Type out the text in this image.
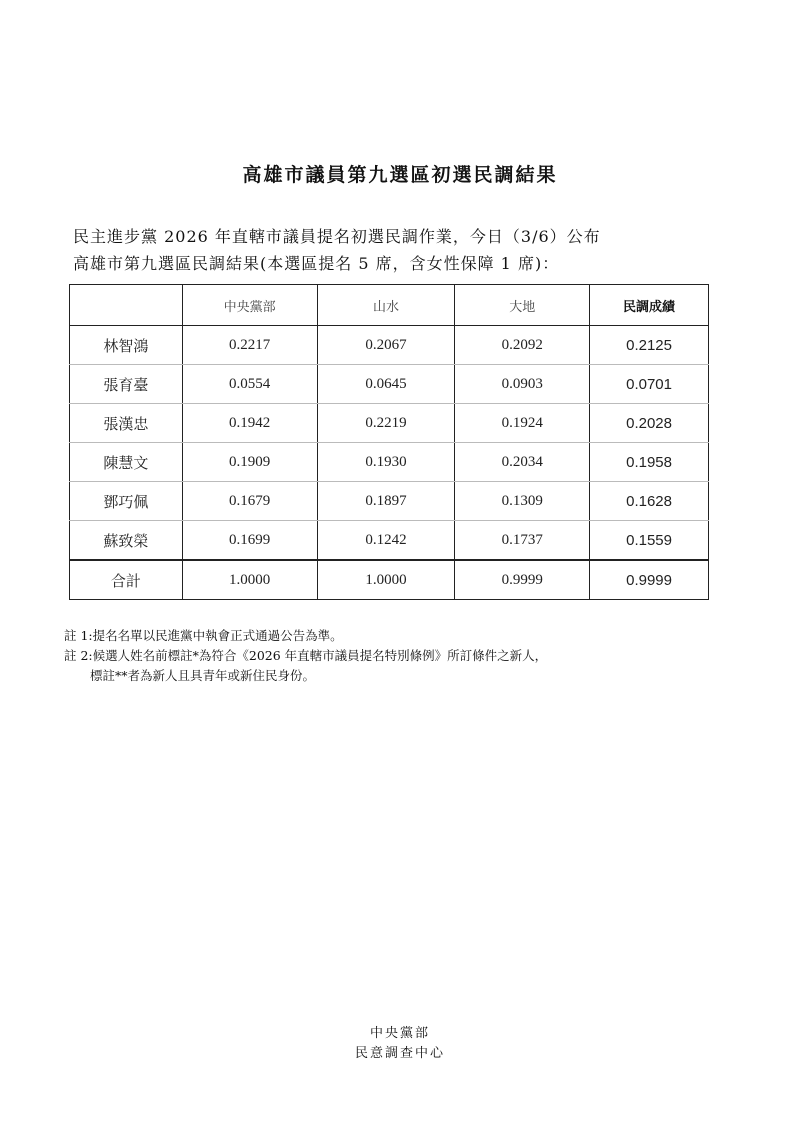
高雄市議員第九選區初選民調結果

民主進步黨 2026 年直轄市議員提名初選民調作業，今日（3/6）公布

高雄市第九選區民調結果(本選區提名 5 席，含女性保障 1 席)：

	中央黨部	山水	大地	民調成績
林智鴻	0.2217	0.2067	0.2092	0.2125
張育臺	0.0554	0.0645	0.0903	0.0701
張漢忠	0.1942	0.2219	0.1924	0.2028
陳慧文	0.1909	0.1930	0.2034	0.1958
鄧巧佩	0.1679	0.1897	0.1309	0.1628
蘇致榮	0.1699	0.1242	0.1737	0.1559
合計	1.0000	1.0000	0.9999	0.9999

註 1:提名名單以民進黨中執會正式通過公告為準。

註 2:候選人姓名前標註*為符合《2026 年直轄市議員提名特別條例》所訂條件之新人，

標註**者為新人且具青年或新住民身份。

中央黨部

民意調查中心
